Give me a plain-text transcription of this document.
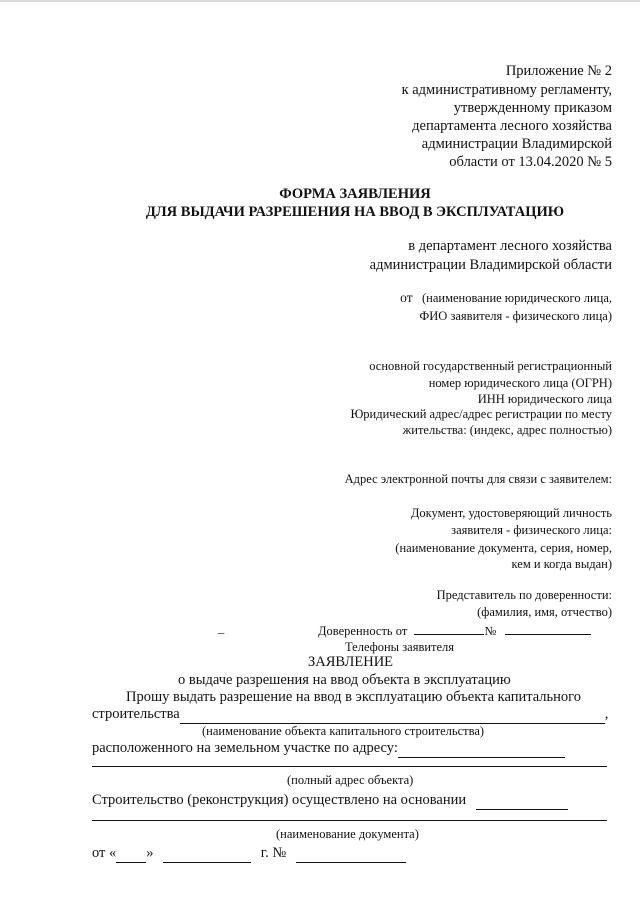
Приложение № 2
к административному регламенту,
утвержденному приказом
департамента лесного хозяйства
администрации Владимирской
области от 13.04.2020 № 5
ФОРМА ЗАЯВЛЕНИЯ
ДЛЯ ВЫДАЧИ РАЗРЕШЕНИЯ НА ВВОД В ЭКСПЛУАТАЦИЮ
в департамент лесного хозяйства
администрации Владимирской области
от (наименование юридического лица,
ФИО заявителя - физического лица)
основной государственный регистрационный
номер юридического лица (ОГРН)
ИНН юридического лица
Юридический адрес/адрес регистрации по месту
жительства: (индекс, адрес полностью)
Адрес электронной почты для связи с заявителем:
Документ, удостоверяющий личность
заявителя - физического лица:
(наименование документа, серия, номер,
кем и когда выдан)
Представитель по доверенности:
(фамилия, имя, отчество)
_	Доверенность от	№
Телефоны заявителя
ЗАЯВЛЕНИЕ
о выдаче разрешения на ввод объекта в эксплуатацию
Прошу выдать разрешение на ввод в эксплуатацию объекта капитального
строительства	,
(наименование объекта капитального строительства)
расположенного на земельном участке по адресу:
(полный адрес объекта)
Строительство (реконструкция) осуществлено на основании
(наименование документа)
от « »	г. №
